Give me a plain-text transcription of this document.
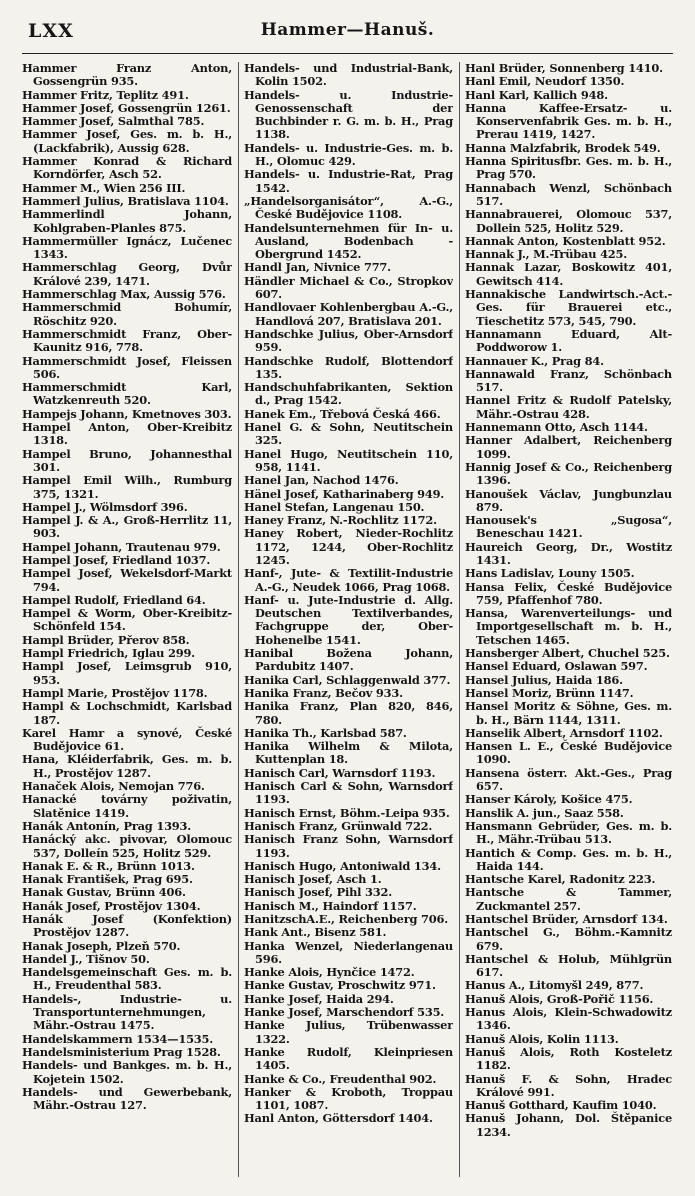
LXX	Hammer—Hanuš.
Hammer Franz Anton, Gossengrün 935.
Hammer Fritz, Teplitz 491.
Hammer Josef, Gossengrün 1261.
Hammer Josef, Salmthal 785.
Hammer Josef, Ges. m. b. H., (Lackfabrik), Aussig 628.
Hammer Konrad & Richard Korndörfer, Asch 52.
Hammer M., Wien 256 III.
Hammerl Julius, Bratislava 1104.
Hammerlindl Johann, Kohlgraben-Planles 875.
Hammermüller Ignácz, Lučenec 1343.
Hammerschlag Georg, Dvůr Králové 239, 1471.
Hammerschlag Max, Aussig 576.
Hammerschmid Bohumír, Röschitz 920.
Hammerschmidt Franz, Ober-Kaunitz 916, 778.
Hammerschmidt Josef, Fleissen 506.
Hammerschmidt Karl, Watzkenreuth 520.
Hampejs Johann, Kmetnoves 303.
Hampel Anton, Ober-Kreibitz 1318.
Hampel Bruno, Johannesthal 301.
Hampel Emil Wilh., Rumburg 375, 1321.
Hampel J., Wölmsdorf 396.
Hampel J. & A., Groß-Herrlitz 11, 903.
Hampel Johann, Trautenau 979.
Hampel Josef, Friedland 1037.
Hampel Josef, Wekelsdorf-Markt 794.
Hampel Rudolf, Friedland 64.
Hampel & Worm, Ober-Kreibitz-Schönfeld 154.
Hampl Brüder, Přerov 858.
Hampl Friedrich, Iglau 299.
Hampl Josef, Leimsgrub 910, 953.
Hampl Marie, Prostějov 1178.
Hampl & Lochschmidt, Karlsbad 187.
Karel Hamr a synové, České Budějovice 61.
Hana, Kléiderfabrik, Ges. m. b. H., Prostějov 1287.
Hanaček Alois, Nemojan 776.
Hanacké továrny poživatin, Slatěnice 1419.
Hanák Antonín, Prag 1393.
Hanácký akc. pivovar, Olomouc 537, Dolleín 525, Holitz 529.
Hanak E. & R., Brünn 1013.
Hanak František, Prag 695.
Hanak Gustav, Brünn 406.
Hanák Josef, Prostějov 1304.
Hanák Josef (Konfektion) Prostějov 1287.
Hanak Joseph, Plzeň 570.
Handel J., Tišnov 50.
Handelsgemeinschaft Ges. m. b. H., Freudenthal 583.
Handels-, Industrie- u. Transportunternehmungen, Mähr.-Ostrau 1475.
Handelskammern 1534—1535.
Handelsministerium Prag 1528.
Handels- und Bankges. m. b. H., Kojetein 1502.
Handels- und Gewerbebank, Mähr.-Ostrau 127.
Handels- und Industrial-Bank, Kolin 1502.
Handels- u. Industrie-Genossenschaft der Buchbinder r. G. m. b. H., Prag 1138.
Handels- u. Industrie-Ges. m. b. H., Olomuc 429.
Handels- u. Industrie-Rat, Prag 1542.
„Handelsorganisátor“, A.-G., České Budějovice 1108.
Handelsunternehmen für In- u. Ausland, Bodenbach - Obergrund 1452.
Handl Jan, Nivnice 777.
Händler Michael & Co., Stropkov 607.
Handlovaer Kohlenbergbau A.-G., Handlová 207, Bratislava 201.
Handschke Julius, Ober-Arnsdorf 959.
Handschke Rudolf, Blottendorf 135.
Handschuhfabrikanten, Sektion d., Prag 1542.
Hanek Em., Třebová Česká 466.
Hanel G. & Sohn, Neutitschein 325.
Hanel Hugo, Neutitschein 110, 958, 1141.
Hanel Jan, Nachod 1476.
Hänel Josef, Katharinaberg 949.
Hanel Stefan, Langenau 150.
Haney Franz, N.-Rochlitz 1172.
Haney Robert, Nieder-Rochlitz 1172, 1244, Ober-Rochlitz 1245.
Hanf-, Jute- & Textilit-Industrie A.-G., Neudek 1066, Prag 1068.
Hanf- u. Jute-Industrie d. Allg. Deutschen Textilverbandes, Fachgruppe der, Ober-Hohenelbe 1541.
Hanibal Božena Johann, Pardubitz 1407.
Hanika Carl, Schlaggenwald 377.
Hanika Franz, Bečov 933.
Hanika Franz, Plan 820, 846, 780.
Hanika Th., Karlsbad 587.
Hanika Wilhelm & Milota, Kuttenplan 18.
Hanisch Carl, Warnsdorf 1193.
Hanisch Carl & Sohn, Warnsdorf 1193.
Hanisch Ernst, Böhm.-Leipa 935.
Hanisch Franz, Grünwald 722.
Hanisch Franz Sohn, Warnsdorf 1193.
Hanisch Hugo, Antoniwald 134.
Hanisch Josef, Asch 1.
Hanisch Josef, Pihl 332.
Hanisch M., Haindorf 1157.
HanitzschA.E., Reichenberg 706.
Hank Ant., Bisenz 581.
Hanka Wenzel, Niederlangenau 596.
Hanke Alois, Hynčice 1472.
Hanke Gustav, Proschwitz 971.
Hanke Josef, Haida 294.
Hanke Josef, Marschendorf 535.
Hanke Julius, Trübenwasser 1322.
Hanke Rudolf, Kleinpriesen 1405.
Hanke & Co., Freudenthal 902.
Hanker & Kroboth, Troppau 1101, 1087.
Hanl Anton, Göttersdorf 1404.
Hanl Brüder, Sonnenberg 1410.
Hanl Emil, Neudorf 1350.
Hanl Karl, Kallich 948.
Hanna Kaffee-Ersatz- u. Konservenfabrik Ges. m. b. H., Prerau 1419, 1427.
Hanna Malzfabrik, Brodek 549.
Hanna Spiritusfbr. Ges. m. b. H., Prag 570.
Hannabach Wenzl, Schönbach 517.
Hannabrauerei, Olomouc 537, Dollein 525, Holitz 529.
Hannak Anton, Kostenblatt 952.
Hannak J., M.-Trübau 425.
Hannak Lazar, Boskowitz 401, Gewitsch 414.
Hannakische Landwirtsch.-Act.-Ges. für Brauerei etc., Tieschetitz 573, 545, 790.
Hannamann Eduard, Alt-Poddworow 1.
Hannauer K., Prag 84.
Hannawald Franz, Schönbach 517.
Hannel Fritz & Rudolf Patelsky, Mähr.-Ostrau 428.
Hannemann Otto, Asch 1144.
Hanner Adalbert, Reichenberg 1099.
Hannig Josef & Co., Reichenberg 1396.
Hanoušek Václav, Jungbunzlau 879.
Hanousek's „Sugosa“, Beneschau 1421.
Haureich Georg, Dr., Wostitz 1431.
Hans Ladislav, Louny 1505.
Hansa Felix, České Budějovice 759, Pfaffenhof 780.
Hansa, Warenverteilungs- und Importgesellschaft m. b. H., Tetschen 1465.
Hansberger Albert, Chuchel 525.
Hansel Eduard, Oslawan 597.
Hansel Julius, Haida 186.
Hansel Moriz, Brünn 1147.
Hansel Moritz & Söhne, Ges. m. b. H., Bärn 1144, 1311.
Hanselik Albert, Arnsdorf 1102.
Hansen L. E., České Budějovice 1090.
Hansena österr. Akt.-Ges., Prag 657.
Hanser Károly, Košice 475.
Hanslik A. jun., Saaz 558.
Hansmann Gebrüder, Ges. m. b. H., Mähr.-Trübau 513.
Hantich & Comp. Ges. m. b. H., Haida 144.
Hantsche Karel, Radonitz 223.
Hantsche & Tammer, Zuckmantel 257.
Hantschel Brüder, Arnsdorf 134.
Hantschel G., Böhm.-Kamnitz 679.
Hantschel & Holub, Mühlgrün 617.
Hanus A., Litomyšl 249, 877.
Hanuš Alois, Groß-Pořič 1156.
Hanus Alois, Klein-Schwadowitz 1346.
Hanuš Alois, Kolin 1113.
Hanuš Alois, Roth Kosteletz 1182.
Hanuš F. & Sohn, Hradec Králové 991.
Hanuš Gotthard, Kaufim 1040.
Hanuš Johann, Dol. Štěpanice 1234.
